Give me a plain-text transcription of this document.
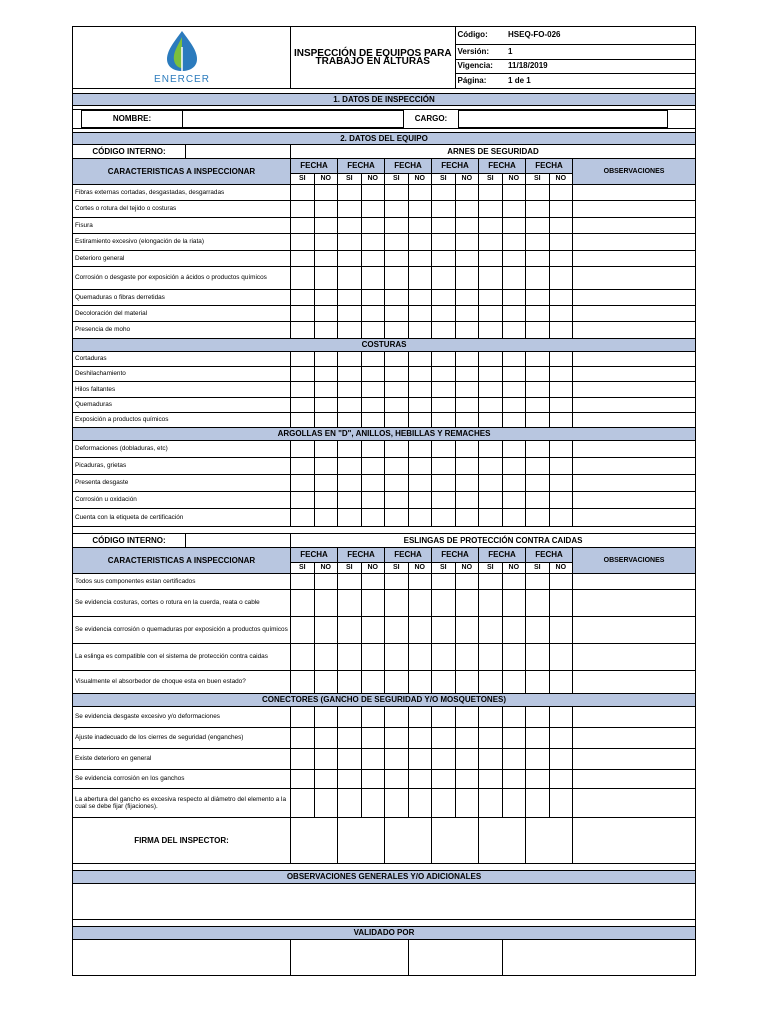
ENERCER	INSPECCIÓN DE EQUIPOS PARA TRABAJO EN ALTURAS							Código:		HSEQ-FO-026			
								Versión:		1			
								Vigencia:		11/18/2019			
								Página:		1 de 1			

1. DATOS DE INSPECCIÓN													

NOMBRE: CARGO:													

2. DATOS DEL EQUIPO													

CÓDIGO INTERNO:	ARNES DE SEGURIDAD												
CARACTERISTICAS A INSPECCIONAR	FECHA		FECHA		FECHA		FECHA		FECHA		FECHA		OBSERVACIONES
	SI	NO	SI	NO	SI	NO	SI	NO	SI	NO	SI	NO	
Fibras externas cortadas, desgastadas, desgarradas													
Cortes o rotura del tejido o costuras													
Fisura													
Estiramiento excesivo (elongación de la riata)													
Deterioro general													
Corrosión o desgaste por exposición a ácidos o productos químicos													
Quemaduras o fibras derretidas													
Decoloración del material													
Presencia de moho													
COSTURAS													
Cortaduras													
Deshilachamiento													
Hilos faltantes													
Quemaduras													
Exposición a productos químicos													
ARGOLLAS EN "D", ANILLOS, HEBILLAS Y REMACHES													
Deformaciones (dobladuras, etc)													
Picaduras, grietas													
Presenta desgaste													
Corrosión u oxidación													
Cuenta con la etiqueta de certificación													

CÓDIGO INTERNO:	ESLINGAS DE PROTECCIÓN CONTRA CAIDAS												
CARACTERISTICAS A INSPECCIONAR	FECHA		FECHA		FECHA		FECHA		FECHA		FECHA		OBSERVACIONES
	SI	NO	SI	NO	SI	NO	SI	NO	SI	NO	SI	NO	
Todos sus componentes estan certificados													
Se evidencia costuras, cortes o rotura en la cuerda, reata o cable													
Se evidencia corrosión o quemaduras por exposición a productos químicos													
La eslinga es compatible con el sistema de protección contra caidas													
Visualmente el absorbedor de choque esta en buen estado?													
CONECTORES (GANCHO DE SEGURIDAD Y/O MOSQUETONES)													
Se evidencia desgaste excesivo y/o deformaciones													
Ajuste inadecuado de los cierres de seguridad (enganches)													
Existe deterioro en general													
Se evidencia corrosión en los ganchos													
La abertura del gancho es excesiva respecto al diámetro del elemento a la cual se debe fijar (fijaciones).													
FIRMA DEL INSPECTOR:													

OBSERVACIONES GENERALES Y/O ADICIONALES													

VALIDADO POR													
